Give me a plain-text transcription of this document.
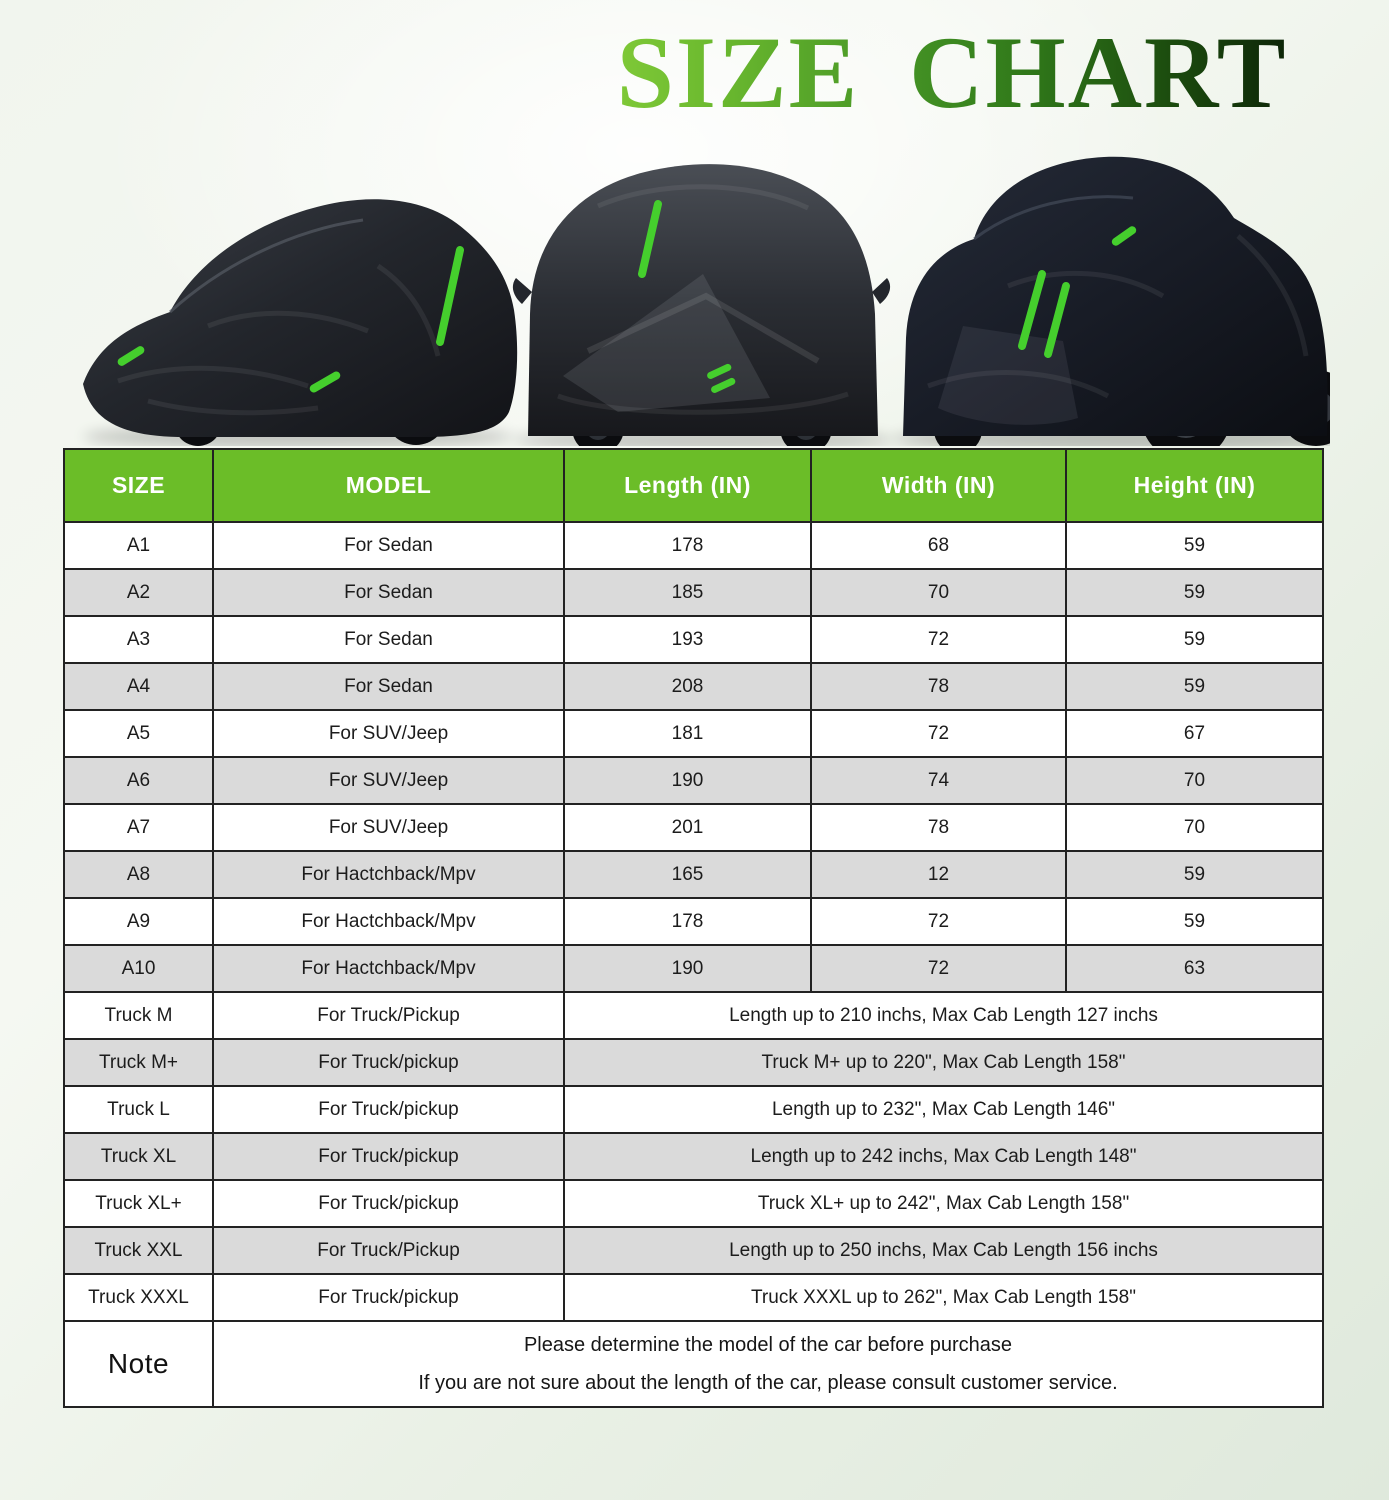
SIZE CHART
SIZE	MODEL	Length (IN)	Width (IN)	Height (IN)
A1	For Sedan	178	68	59
A2	For Sedan	185	70	59
A3	For Sedan	193	72	59
A4	For Sedan	208	78	59
A5	For SUV/Jeep	181	72	67
A6	For SUV/Jeep	190	74	70
A7	For SUV/Jeep	201	78	70
A8	For Hactchback/Mpv	165	12	59
A9	For Hactchback/Mpv	178	72	59
A10	For Hactchback/Mpv	190	72	63
Truck M	For Truck/Pickup	Length up to 210 inchs, Max Cab Length 127 inchs		
Truck M+	For Truck/pickup	Truck M+ up to 220", Max Cab Length 158"		
Truck L	For Truck/pickup	Length up to 232", Max Cab Length 146"		
Truck XL	For Truck/pickup	Length up to 242 inchs, Max Cab Length 148"		
Truck XL+	For Truck/pickup	Truck XL+ up to 242", Max Cab Length 158"		
Truck XXL	For Truck/Pickup	Length up to 250 inchs, Max Cab Length 156 inchs		
Truck XXXL	For Truck/pickup	Truck XXXL up to 262", Max Cab Length 158"		
Note	Please determine the model of the car before purchase
If you are not sure about the length of the car, please consult customer service.			
